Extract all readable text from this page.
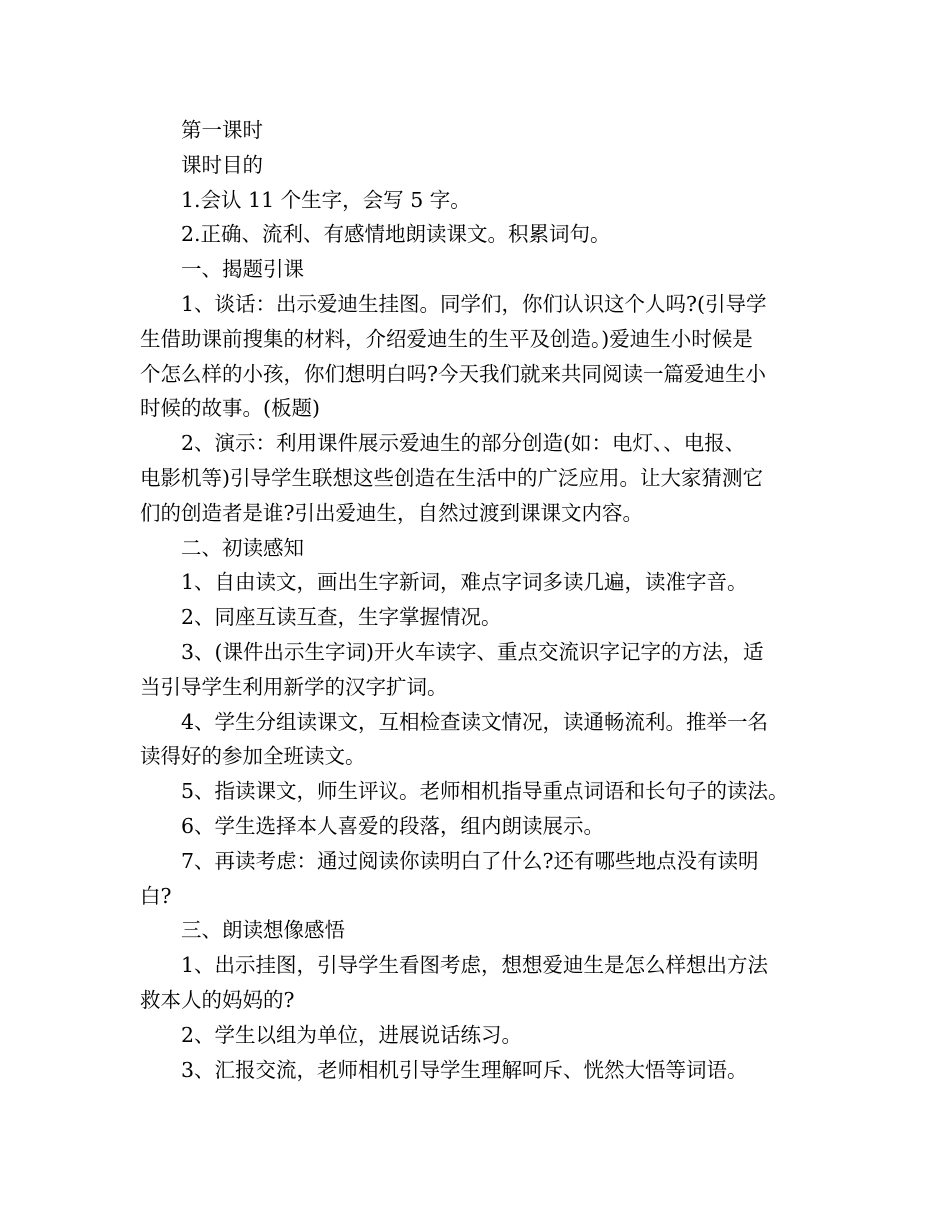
第一课时
课时目的
1.会认 11 个生字，会写 5 字。
2.正确、流利、有感情地朗读课文。积累词句。
一、揭题引课
1、谈话：出示爱迪生挂图。同学们，你们认识这个人吗?(引导学
生借助课前搜集的材料，介绍爱迪生的生平及创造。)爱迪生小时候是
个怎么样的小孩，你们想明白吗?今天我们就来共同阅读一篇爱迪生小
时候的故事。(板题)
2、演示：利用课件展示爱迪生的部分创造(如：电灯、、电报、
电影机等)引导学生联想这些创造在生活中的广泛应用。让大家猜测它
们的创造者是谁?引出爱迪生，自然过渡到课课文内容。
二、初读感知
1、自由读文，画出生字新词，难点字词多读几遍，读准字音。
2、同座互读互查，生字掌握情况。
3、(课件出示生字词)开火车读字、重点交流识字记字的方法，适
当引导学生利用新学的汉字扩词。
4、学生分组读课文，互相检查读文情况，读通畅流利。推举一名
读得好的参加全班读文。
5、指读课文，师生评议。老师相机指导重点词语和长句子的读法。
6、学生选择本人喜爱的段落，组内朗读展示。
7、再读考虑：通过阅读你读明白了什么?还有哪些地点没有读明
白?
三、朗读想像感悟
1、出示挂图，引导学生看图考虑，想想爱迪生是怎么样想出方法
救本人的妈妈的?
2、学生以组为单位，进展说话练习。
3、汇报交流，老师相机引导学生理解呵斥、恍然大悟等词语。
